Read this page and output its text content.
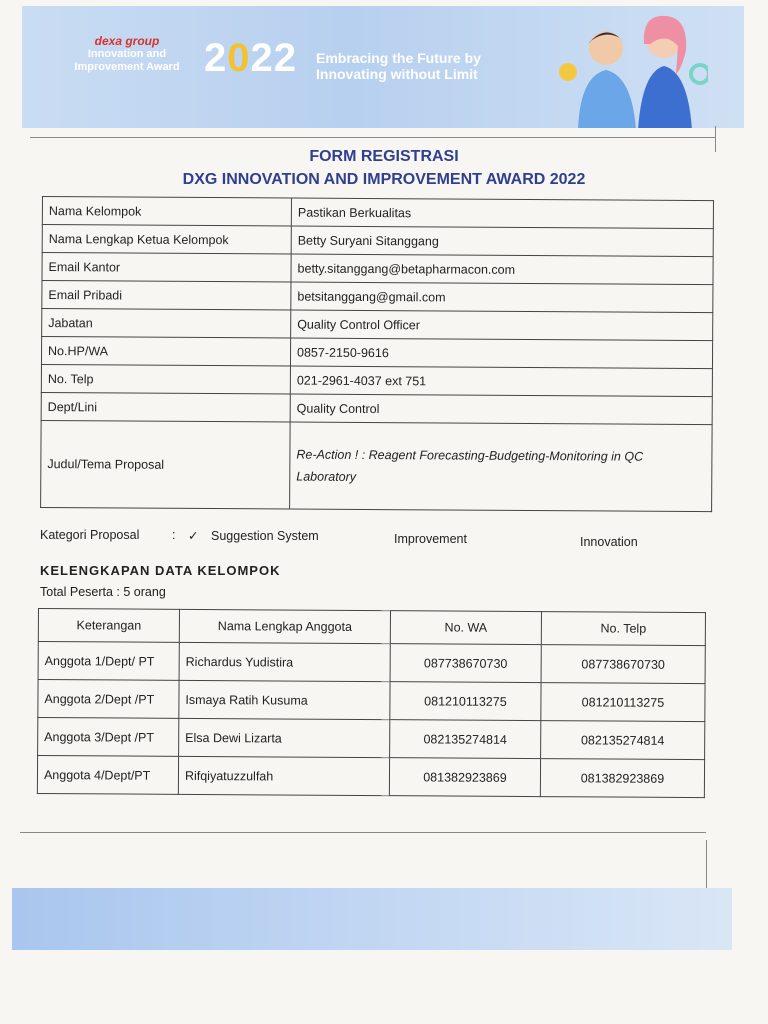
dexa group
Innovation and
Improvement Award 2022 Embracing the Future by
Innovating without Limit
FORM REGISTRASI
DXG INNOVATION AND IMPROVEMENT AWARD 2022
Nama Kelompok	Pastikan Berkualitas
Nama Lengkap Ketua Kelompok	Betty Suryani Sitanggang
Email Kantor	betty.sitanggang@betapharmacon.com
Email Pribadi	betsitanggang@gmail.com
Jabatan	Quality Control Officer
No.HP/WA	0857-2150-9616
No. Telp	021-2961-4037 ext 751
Dept/Lini	Quality Control
Judul/Tema Proposal	Re-Action ! : Reagent Forecasting-Budgeting-Monitoring in QC Laboratory
Kategori Proposal	: ✓ Suggestion System	Improvement	Innovation
KELENGKAPAN DATA KELOMPOK
Total Peserta : 5 orang
Keterangan	Nama Lengkap Anggota	No. WA	No. Telp
Anggota 1/Dept/ PT	Richardus Yudistira	087738670730	087738670730
Anggota 2/Dept /PT	Ismaya Ratih Kusuma	081210113275	081210113275
Anggota 3/Dept /PT	Elsa Dewi Lizarta	082135274814	082135274814
Anggota 4/Dept/PT	Rifqiyatuzzulfah	081382923869	081382923869
